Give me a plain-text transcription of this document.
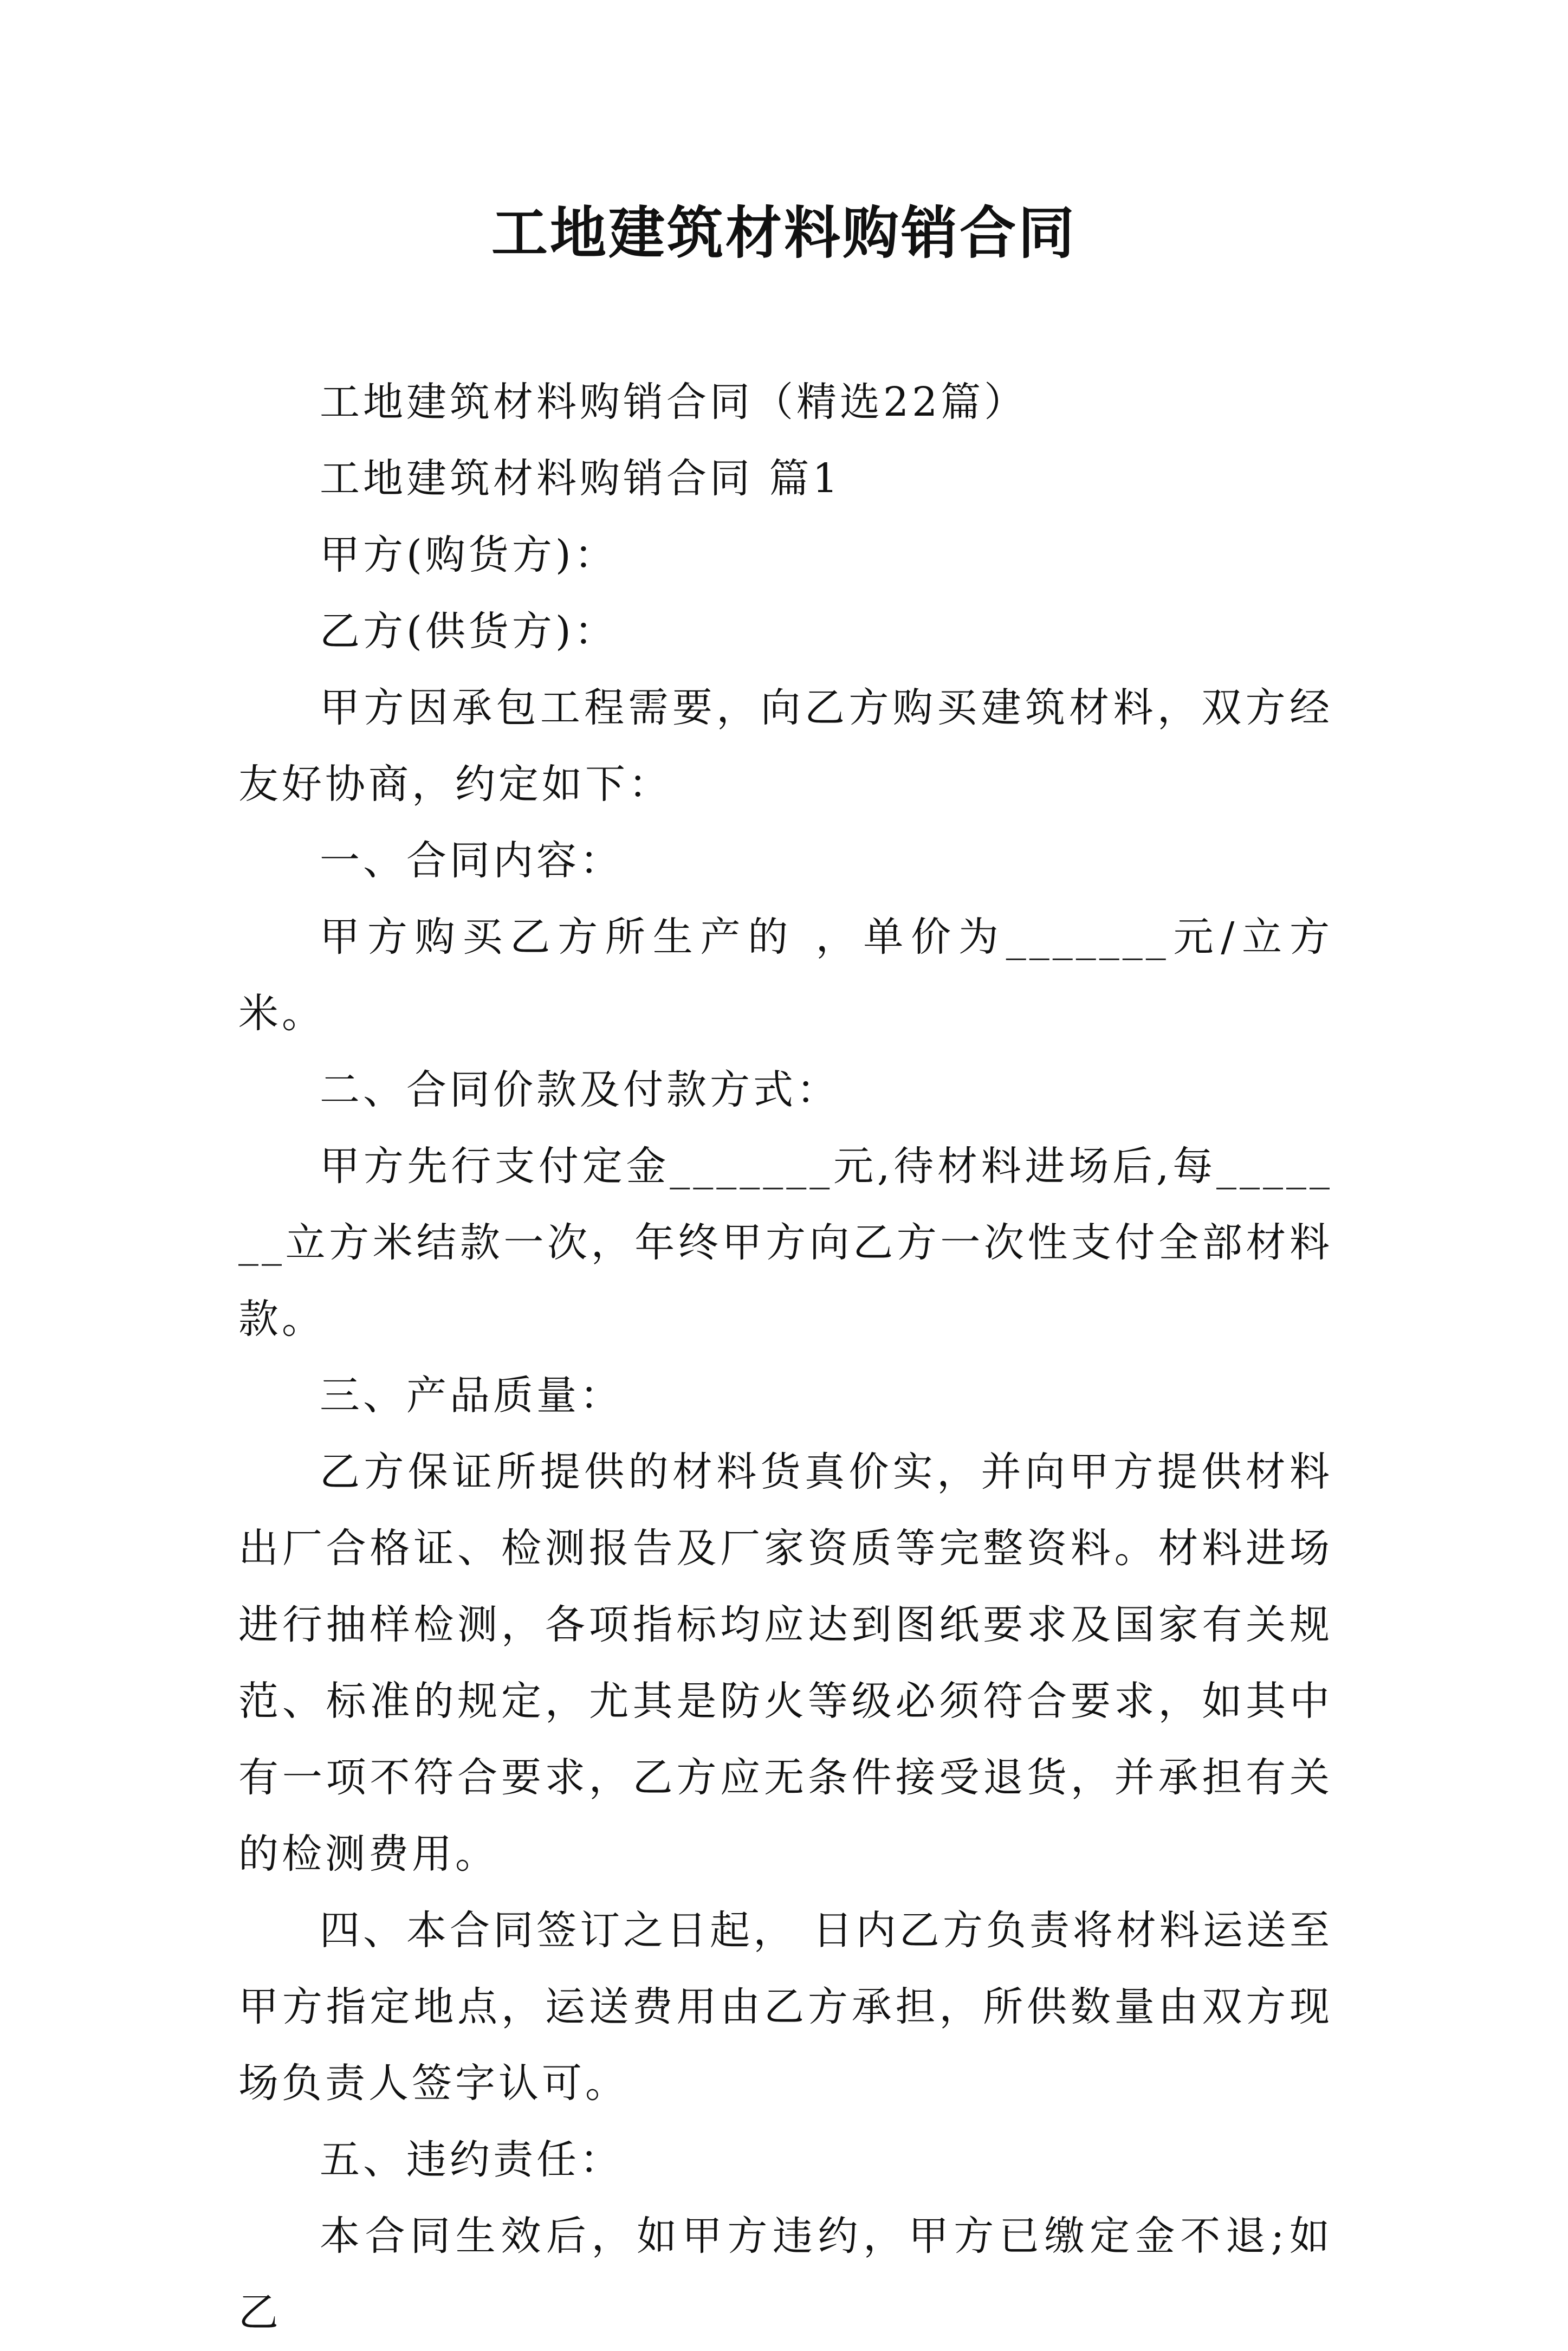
工地建筑材料购销合同

工地建筑材料购销合同（精选22篇）

工地建筑材料购销合同 篇1

甲方(购货方)：

乙方(供货方)：

甲方因承包工程需要，向乙方购买建筑材料，双方经友好协商，约定如下：

一、合同内容：

甲方购买乙方所生产的 ，单价为_______元/立方米。

二、合同价款及付款方式：

甲方先行支付定金_______元,待材料进场后,每_______立方米结款一次，年终甲方向乙方一次性支付全部材料款。

三、产品质量：

乙方保证所提供的材料货真价实，并向甲方提供材料出厂合格证、检测报告及厂家资质等完整资料。材料进场进行抽样检测，各项指标均应达到图纸要求及国家有关规范、标准的规定，尤其是防火等级必须符合要求，如其中有一项不符合要求，乙方应无条件接受退货，并承担有关的检测费用。

四、本合同签订之日起， 日内乙方负责将材料运送至甲方指定地点，运送费用由乙方承担，所供数量由双方现场负责人签字认可。

五、违约责任：

本合同生效后，如甲方违约，甲方已缴定金不退;如乙
